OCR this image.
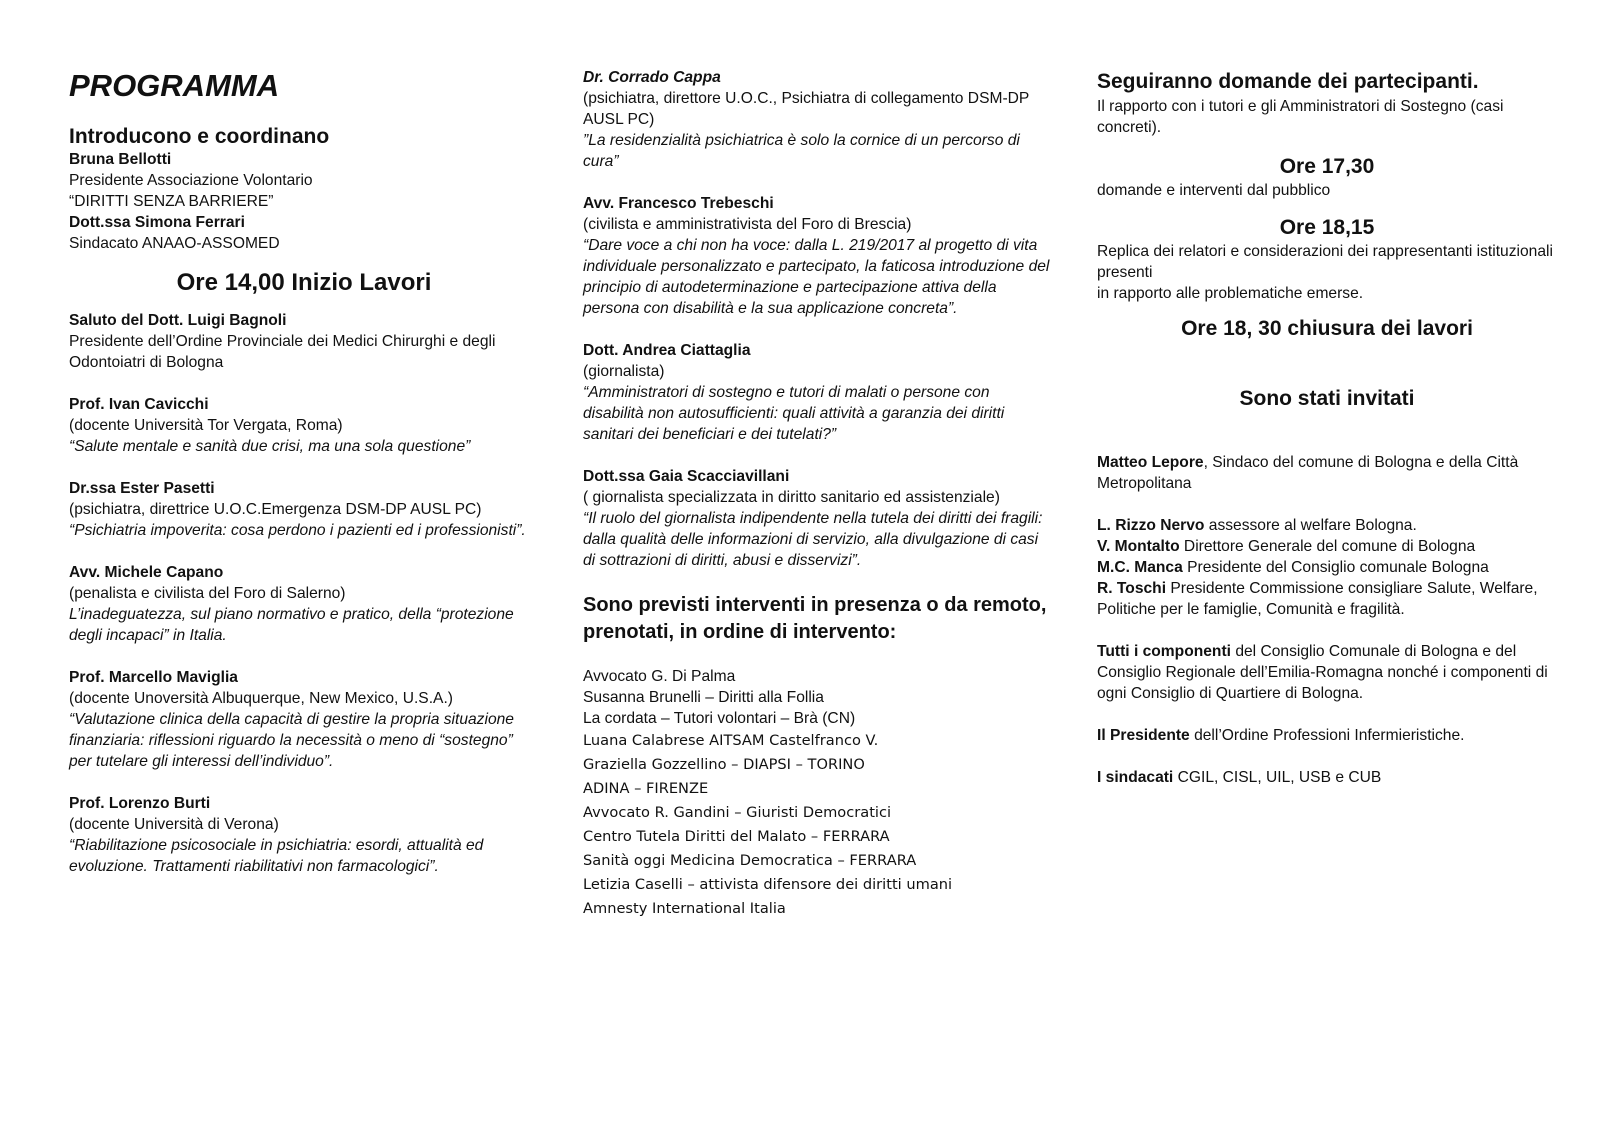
PROGRAMMA
Introducono e coordinano

Bruna Bellotti

Presidente Associazione Volontario

“DIRITTI SENZA BARRIERE”

Dott.ssa Simona Ferrari

Sindacato ANAAO-ASSOMED

Ore 14,00 Inizio Lavori

Saluto del Dott. Luigi Bagnoli

Presidente dell’Ordine Provinciale dei Medici Chirurghi e degli Odontoiatri di Bologna

Prof. Ivan Cavicchi

(docente Università Tor Vergata, Roma)

“Salute mentale e sanità due crisi, ma una sola questione”

Dr.ssa Ester Pasetti

(psichiatra, direttrice U.O.C.Emergenza DSM-DP AUSL PC)

“Psichiatria impoverita: cosa perdono i pazienti ed i professionisti”.

Avv. Michele Capano

(penalista e civilista del Foro di Salerno)

L’inadeguatezza, sul piano normativo e pratico, della “protezione degli incapaci” in Italia.

Prof. Marcello Maviglia

(docente Unoversità Albuquerque, New Mexico, U.S.A.)

“Valutazione clinica della capacità di gestire la propria situazione finanziaria: riflessioni riguardo la necessità o meno di “sostegno” per tutelare gli interessi dell’individuo”.

Prof. Lorenzo Burti

(docente Università di Verona)

“Riabilitazione psicosociale in psichiatria: esordi, attualità ed evoluzione. Trattamenti riabilitativi non farmacologici”.

Dr. Corrado Cappa

(psichiatra, direttore U.O.C., Psichiatra di collegamento DSM-DP AUSL PC)

”La residenzialità psichiatrica è solo la cornice di un percorso di cura”

Avv. Francesco Trebeschi

(civilista e amministrativista del Foro di Brescia)

“Dare voce a chi non ha voce: dalla L. 219/2017 al progetto di vita individuale personalizzato e partecipato, la faticosa introduzione del principio di autodeterminazione e partecipazione attiva della persona con disabilità e la sua applicazione concreta”.

Dott. Andrea Ciattaglia

(giornalista)

“Amministratori di sostegno e tutori di malati o persone con disabilità non autosufficienti: quali attività a garanzia dei diritti sanitari dei beneficiari e dei tutelati?”

Dott.ssa Gaia Scacciavillani

( giornalista specializzata in diritto sanitario ed assistenziale)

“Il ruolo del giornalista indipendente nella tutela dei diritti dei fragili: dalla qualità delle informazioni di servizio, alla divulgazione di casi di sottrazioni di diritti, abusi e disservizi”.

Sono previsti interventi in presenza o da remoto, prenotati, in ordine di intervento:

Avvocato G. Di Palma

Susanna Brunelli – Diritti alla Follia

La cordata – Tutori volontari – Brà (CN)

Luana Calabrese AITSAM Castelfranco V.

Graziella Gozzellino – DIAPSI – TORINO

ADINA – FIRENZE

Avvocato R. Gandini – Giuristi Democratici

Centro Tutela Diritti del Malato – FERRARA

Sanità oggi Medicina Democratica – FERRARA

Letizia Caselli – attivista difensore dei diritti umani

Amnesty International Italia

Seguiranno domande dei partecipanti.

Il rapporto con i tutori e gli Amministratori di Sostegno (casi concreti).

Ore 17,30

domande e interventi dal pubblico

Ore 18,15

Replica dei relatori e considerazioni dei rappresentanti istituzionali presenti

in rapporto alle problematiche emerse.

Ore 18, 30 chiusura dei lavori
Sono stati invitati

Matteo Lepore, Sindaco del comune di Bologna e della Città Metropolitana

L. Rizzo Nervo assessore al welfare Bologna.

V. Montalto Direttore Generale del comune di Bologna

M.C. Manca Presidente del Consiglio comunale Bologna

R. Toschi Presidente Commissione consigliare Salute, Welfare, Politiche per le famiglie, Comunità e fragilità.

Tutti i componenti del Consiglio Comunale di Bologna e del Consiglio Regionale dell’Emilia-Romagna nonché i componenti di ogni Consiglio di Quartiere di Bologna.

Il Presidente dell’Ordine Professioni Infermieristiche.

I sindacati CGIL, CISL, UIL, USB e CUB
